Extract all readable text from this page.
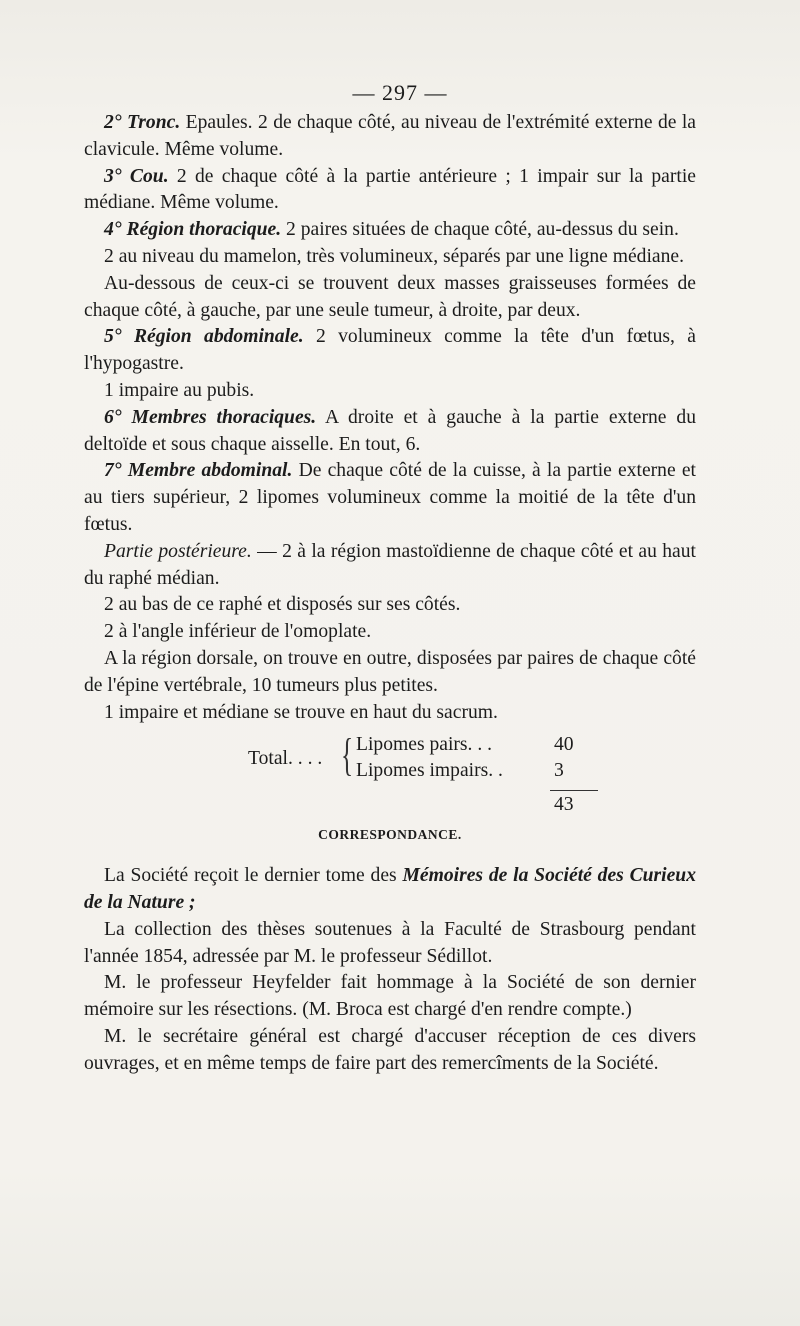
— 297 —

2° Tronc. Epaules. 2 de chaque côté, au niveau de l'extrémité externe de la clavicule. Même volume.

3° Cou. 2 de chaque côté à la partie antérieure ; 1 impair sur la partie médiane. Même volume.

4° Région thoracique. 2 paires situées de chaque côté, au-dessus du sein.

2 au niveau du mamelon, très volumineux, séparés par une ligne médiane.

Au-dessous de ceux-ci se trouvent deux masses graisseuses formées de chaque côté, à gauche, par une seule tumeur, à droite, par deux.

5° Région abdominale. 2 volumineux comme la tête d'un fœtus, à l'hypogastre.

1 impaire au pubis.

6° Membres thoraciques. A droite et à gauche à la partie externe du deltoïde et sous chaque aisselle. En tout, 6.

7° Membre abdominal. De chaque côté de la cuisse, à la partie externe et au tiers supérieur, 2 lipomes volumineux comme la moitié de la tête d'un fœtus.

Partie postérieure. — 2 à la région mastoïdienne de chaque côté et au haut du raphé médian.

2 au bas de ce raphé et disposés sur ses côtés.

2 à l'angle inférieur de l'omoplate.

A la région dorsale, on trouve en outre, disposées par paires de chaque côté de l'épine vertébrale, 10 tumeurs plus petites.

1 impaire et médiane se trouve en haut du sacrum.

Total. . . . { Lipomes pairs. . .	40
Lipomes impairs. .	3
43
CORRESPONDANCE.

La Société reçoit le dernier tome des Mémoires de la Société des Curieux de la Nature ;

La collection des thèses soutenues à la Faculté de Strasbourg pendant l'année 1854, adressée par M. le professeur Sédillot.

M. le professeur Heyfelder fait hommage à la Société de son dernier mémoire sur les résections. (M. Broca est chargé d'en rendre compte.)

M. le secrétaire général est chargé d'accuser réception de ces divers ouvrages, et en même temps de faire part des remercîments de la Société.
